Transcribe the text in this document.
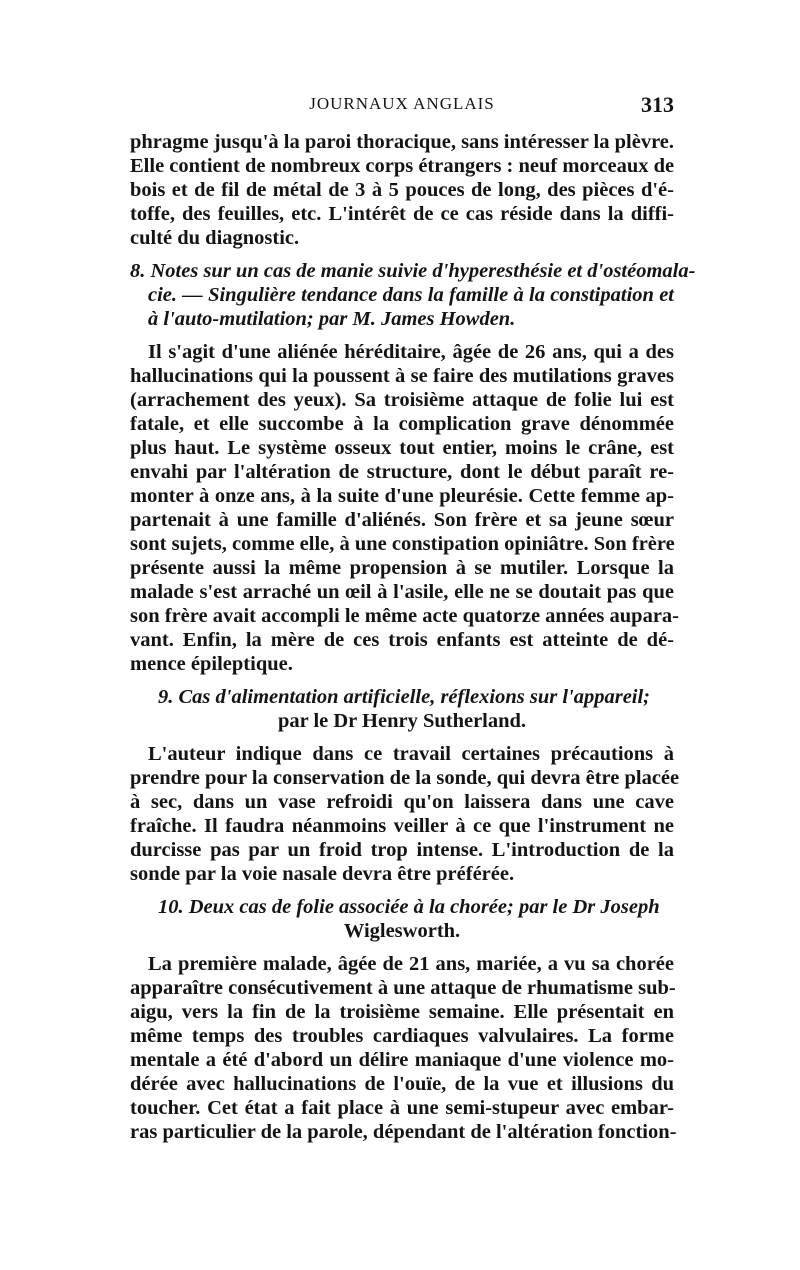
JOURNAUX ANGLAIS	313
phragme jusqu'à la paroi thoracique, sans intéresser la plèvre.
Elle contient de nombreux corps étrangers : neuf morceaux de
bois et de fil de métal de 3 à 5 pouces de long, des pièces d'é-
toffe, des feuilles, etc. L'intérêt de ce cas réside dans la diffi-
culté du diagnostic.
8. Notes sur un cas de manie suivie d'hyperesthésie et d'ostéomala-
cie. — Singulière tendance dans la famille à la constipation et
à l'auto-mutilation; par M. James Howden.
Il s'agit d'une aliénée héréditaire, âgée de 26 ans, qui a des
hallucinations qui la poussent à se faire des mutilations graves
(arrachement des yeux). Sa troisième attaque de folie lui est
fatale, et elle succombe à la complication grave dénommée
plus haut. Le système osseux tout entier, moins le crâne, est
envahi par l'altération de structure, dont le début paraît re-
monter à onze ans, à la suite d'une pleurésie. Cette femme ap-
partenait à une famille d'aliénés. Son frère et sa jeune sœur
sont sujets, comme elle, à une constipation opiniâtre. Son frère
présente aussi la même propension à se mutiler. Lorsque la
malade s'est arraché un œil à l'asile, elle ne se doutait pas que
son frère avait accompli le même acte quatorze années aupara-
vant. Enfin, la mère de ces trois enfants est atteinte de dé-
mence épileptique.
9. Cas d'alimentation artificielle, réflexions sur l'appareil;
par le Dr Henry Sutherland.
L'auteur indique dans ce travail certaines précautions à
prendre pour la conservation de la sonde, qui devra être placée
à sec, dans un vase refroidi qu'on laissera dans une cave
fraîche. Il faudra néanmoins veiller à ce que l'instrument ne
durcisse pas par un froid trop intense. L'introduction de la
sonde par la voie nasale devra être préférée.
10. Deux cas de folie associée à la chorée; par le Dr Joseph
Wiglesworth.
La première malade, âgée de 21 ans, mariée, a vu sa chorée
apparaître consécutivement à une attaque de rhumatisme sub-
aigu, vers la fin de la troisième semaine. Elle présentait en
même temps des troubles cardiaques valvulaires. La forme
mentale a été d'abord un délire maniaque d'une violence mo-
dérée avec hallucinations de l'ouïe, de la vue et illusions du
toucher. Cet état a fait place à une semi-stupeur avec embar-
ras particulier de la parole, dépendant de l'altération fonction-
